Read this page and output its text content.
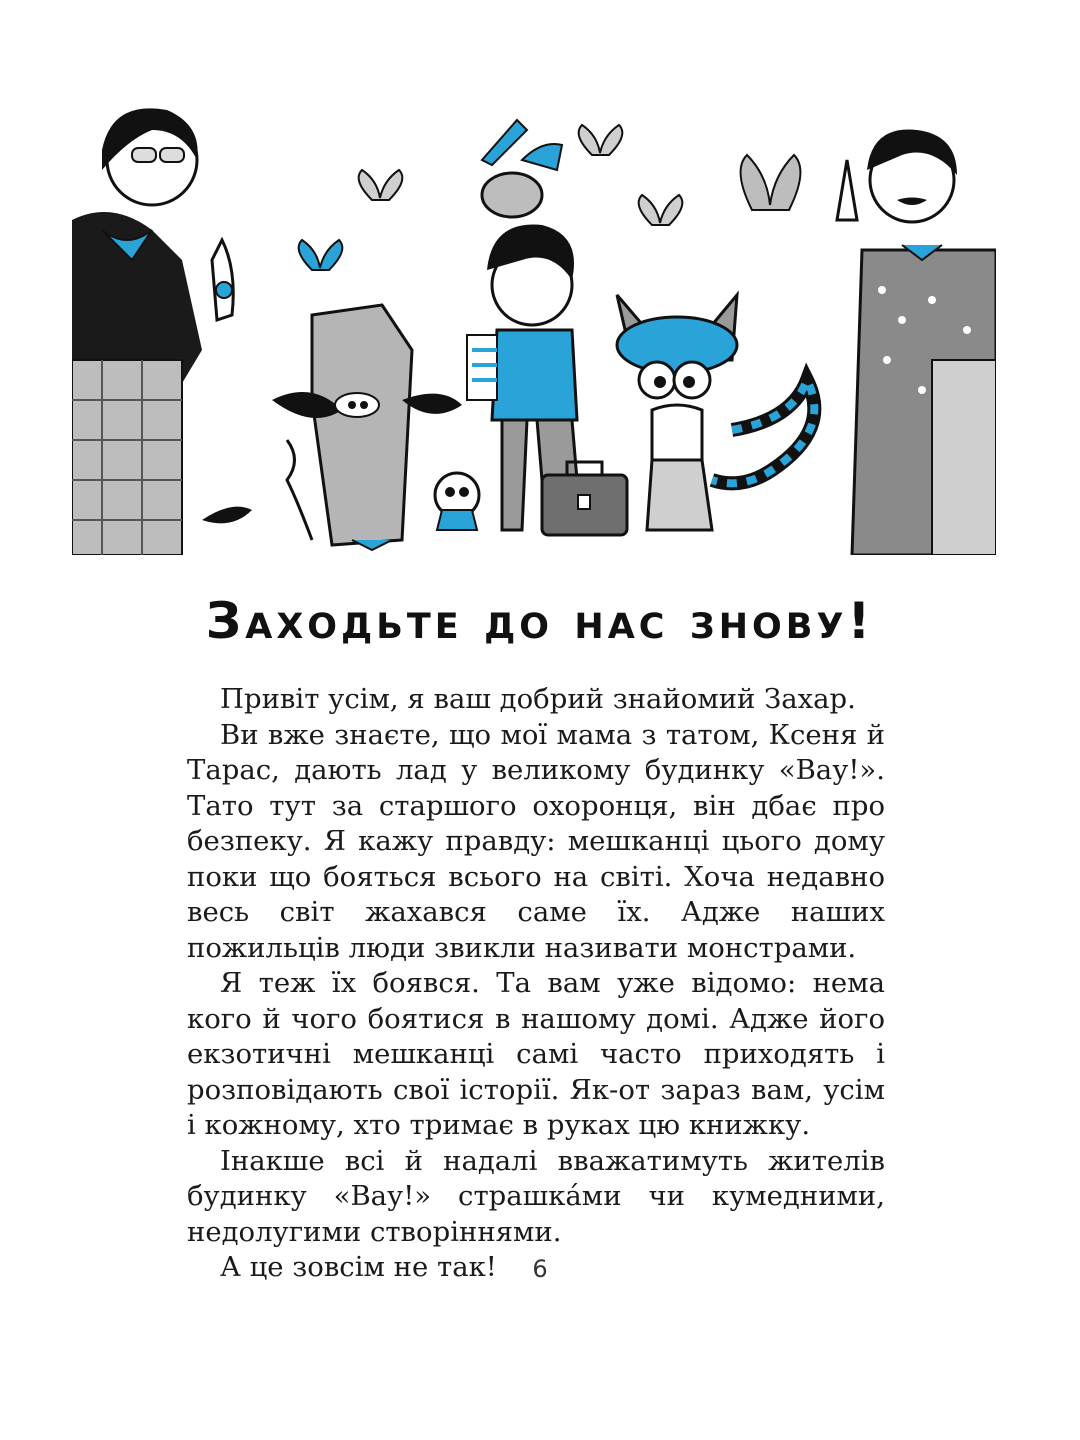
Заходьте до нас знову!

Привіт усім, я ваш добрий знайомий Захар.

Ви вже знаєте, що мої мама з татом, Ксеня й Тарас, дають лад у великому будинку «Вау!». Тато тут за старшого охоронця, він дбає про безпеку. Я кажу правду: мешканці цього дому поки що бояться всього на світі. Хоча недавно весь світ жахався саме їх. Адже наших пожильців люди звикли називати монстрами.

Я теж їх боявся. Та вам уже відомо: нема кого й чого боятися в нашому домі. Адже його екзотичні мешканці самі часто приходять і розповідають свої історії. Як-от зараз вам, усім і кожному, хто тримає в руках цю книжку.

Інакше всі й надалі вважатимуть жителів будинку «Вау!» страшка́ми чи кумедними, недолугими створіннями.

А це зовсім не так!	6
